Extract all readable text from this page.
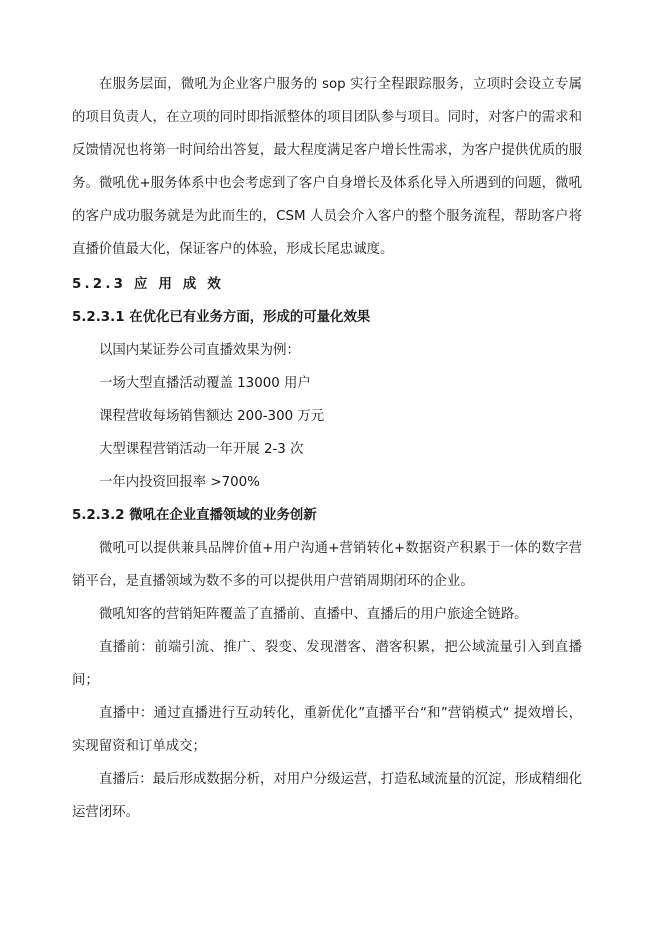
在服务层面，微吼为企业客户服务的 sop 实行全程跟踪服务，立项时会设立专属的项目负责人，在立项的同时即指派整体的项目团队参与项目。同时，对客户的需求和反馈情况也将第一时间给出答复，最大程度满足客户增长性需求，为客户提供优质的服务。微吼优+服务体系中也会考虑到了客户自身增长及体系化导入所遇到的问题，微吼的客户成功服务就是为此而生的，CSM 人员会介入客户的整个服务流程，帮助客户将直播价值最大化，保证客户的体验，形成长尾忠诚度。

5.2.3 应 用 成 效

5.2.3.1 在优化已有业务方面，形成的可量化效果

以国内某证券公司直播效果为例：

一场大型直播活动覆盖 13000 用户

课程营收每场销售额达 200-300 万元

大型课程营销活动一年开展 2-3 次

一年内投资回报率 >700%

5.2.3.2 微吼在企业直播领域的业务创新

微吼可以提供兼具品牌价值+用户沟通+营销转化+数据资产积累于一体的数字营销平台，是直播领域为数不多的可以提供用户营销周期闭环的企业。

微吼知客的营销矩阵覆盖了直播前、直播中、直播后的用户旅途全链路。

直播前：前端引流、推广、裂变、发现潜客、潜客积累，把公域流量引入到直播间；

直播中：通过直播进行互动转化，重新优化”直播平台“和”营销模式“ 提效增长，实现留资和订单成交；

直播后：最后形成数据分析，对用户分级运营，打造私域流量的沉淀，形成精细化运营闭环。
